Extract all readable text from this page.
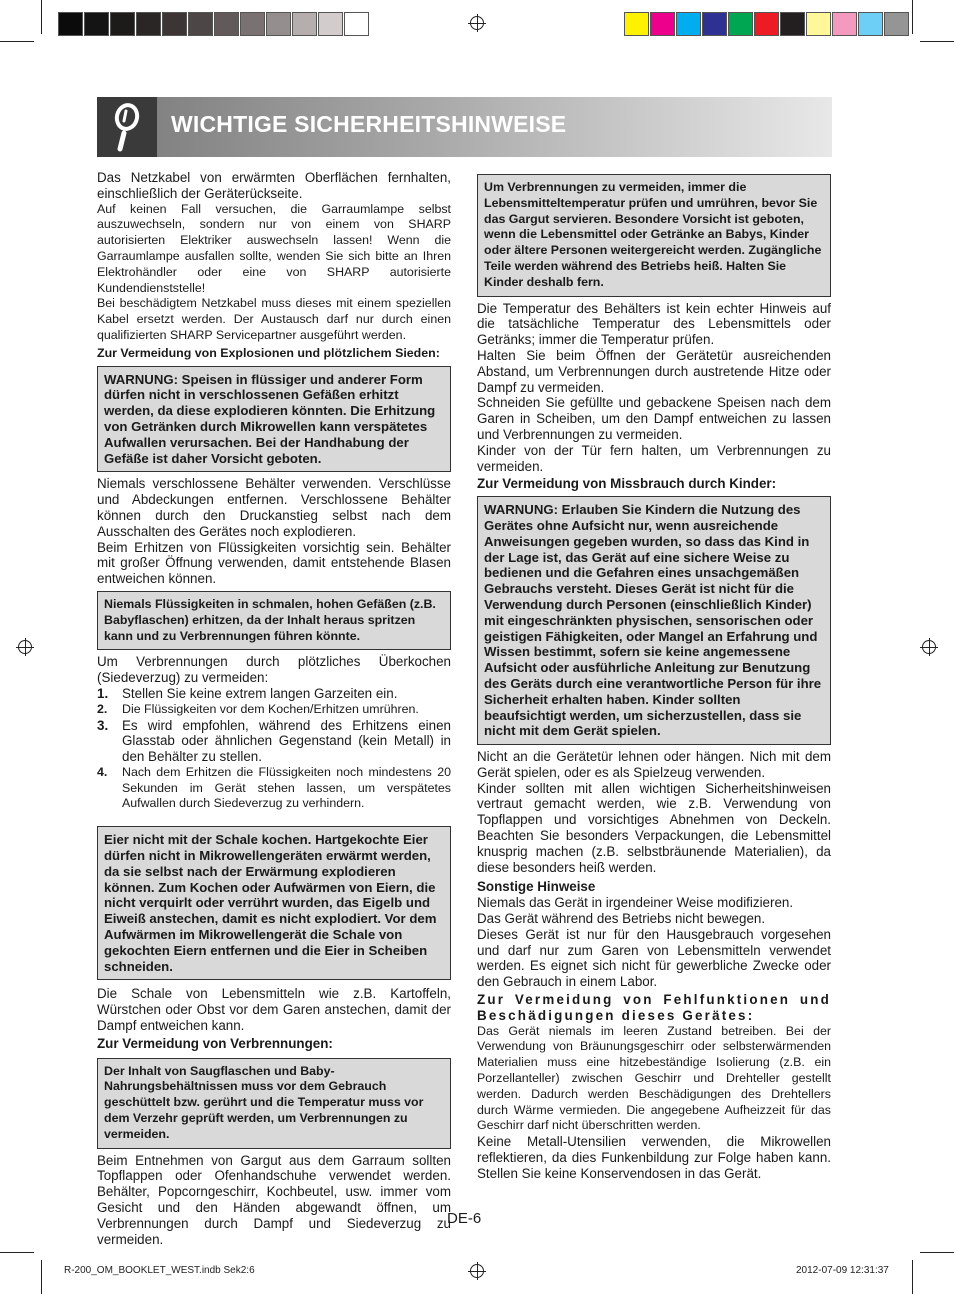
WICHTIGE SICHERHEITSHINWEISE

Das Netzkabel von erwärmten Oberflächen fernhalten, einschließlich der Geräterückseite.

Auf keinen Fall versuchen, die Garraumlampe selbst auszuwechseln, sondern nur von einem von SHARP autorisierten Elektriker auswechseln lassen! Wenn die Garraumlampe ausfallen sollte, wenden Sie sich bitte an Ihren Elektrohändler oder eine von SHARP autorisierte Kundendienststelle!

Bei beschädigtem Netzkabel muss dieses mit einem speziellen Kabel ersetzt werden. Der Austausch darf nur durch einen qualifizierten SHARP Servicepartner ausgeführt werden.

Zur Vermeidung von Explosionen und plötzlichem Sieden:

WARNUNG: Speisen in flüssiger und anderer Form dürfen nicht in verschlossenen Gefäßen erhitzt werden, da diese explodieren könnten. Die Erhitzung von Getränken durch Mikrowellen kann verspätetes Aufwallen verursachen. Bei der Handhabung der Gefäße ist daher Vorsicht geboten.

Niemals verschlossene Behälter verwenden. Verschlüsse und Abdeckungen entfernen. Verschlossene Behälter können durch den Druckanstieg selbst nach dem Ausschalten des Gerätes noch explodieren.

Beim Erhitzen von Flüssigkeiten vorsichtig sein. Behälter mit großer Öffnung verwenden, damit entstehende Blasen entweichen können.

Niemals Flüssigkeiten in schmalen, hohen Gefäßen (z.B. Babyflaschen) erhitzen, da der Inhalt heraus spritzen kann und zu Verbrennungen führen könnte.

Um Verbrennungen durch plötzliches Überkochen (Siedeverzug) zu vermeiden:

1. Stellen Sie keine extrem langen Garzeiten ein.
2. Die Flüssigkeiten vor dem Kochen/Erhitzen umrühren.
3. Es wird empfohlen, während des Erhitzens einen Glasstab oder ähnlichen Gegenstand (kein Metall) in den Behälter zu stellen.
4. Nach dem Erhitzen die Flüssigkeiten noch mindestens 20 Sekunden im Gerät stehen lassen, um verspätetes Aufwallen durch Siedeverzug zu verhindern.
Eier nicht mit der Schale kochen. Hartgekochte Eier dürfen nicht in Mikrowellengeräten erwärmt werden, da sie selbst nach der Erwärmung explodieren können. Zum Kochen oder Aufwärmen von Eiern, die nicht verquirlt oder verrührt wurden, das Eigelb und Eiweiß anstechen, damit es nicht explodiert. Vor dem Aufwärmen im Mikrowellengerät die Schale von gekochten Eiern entfernen und die Eier in Scheiben schneiden.

Die Schale von Lebensmitteln wie z.B. Kartoffeln, Würstchen oder Obst vor dem Garen anstechen, damit der Dampf entweichen kann.

Zur Vermeidung von Verbrennungen:

Der Inhalt von Saugflaschen und Baby-Nahrungsbehältnissen muss vor dem Gebrauch geschüttelt bzw. gerührt und die Temperatur muss vor dem Verzehr geprüft werden, um Verbrennungen zu vermeiden.

Beim Entnehmen von Gargut aus dem Garraum sollten Topflappen oder Ofenhandschuhe verwendet werden. Behälter, Popcorngeschirr, Kochbeutel, usw. immer vom Gesicht und den Händen abgewandt öffnen, um Verbrennungen durch Dampf und Siedeverzug zu vermeiden.

Um Verbrennungen zu vermeiden, immer die Lebensmitteltemperatur prüfen und umrühren, bevor Sie das Gargut servieren. Besondere Vorsicht ist geboten, wenn die Lebensmittel oder Getränke an Babys, Kinder oder ältere Personen weitergereicht werden. Zugängliche Teile werden während des Betriebs heiß. Halten Sie Kinder deshalb fern.

Die Temperatur des Behälters ist kein echter Hinweis auf die tatsächliche Temperatur des Lebensmittels oder Getränks; immer die Temperatur prüfen.

Halten Sie beim Öffnen der Gerätetür ausreichenden Abstand, um Verbrennungen durch austretende Hitze oder Dampf zu vermeiden.

Schneiden Sie gefüllte und gebackene Speisen nach dem Garen in Scheiben, um den Dampf entweichen zu lassen und Verbrennungen zu vermeiden.

Kinder von der Tür fern halten, um Verbrennungen zu vermeiden.

Zur Vermeidung von Missbrauch durch Kinder:

WARNUNG: Erlauben Sie Kindern die Nutzung des Gerätes ohne Aufsicht nur, wenn ausreichende Anweisungen gegeben wurden, so dass das Kind in der Lage ist, das Gerät auf eine sichere Weise zu bedienen und die Gefahren eines unsachgemäßen Gebrauchs versteht. Dieses Gerät ist nicht für die Verwendung durch Personen (einschließlich Kinder) mit eingeschränkten physischen, sensorischen oder geistigen Fähigkeiten, oder Mangel an Erfahrung und Wissen bestimmt, sofern sie keine angemessene Aufsicht oder ausführliche Anleitung zur Benutzung des Geräts durch eine verantwortliche Person für ihre Sicherheit erhalten haben. Kinder sollten beaufsichtigt werden, um sicherzustellen, dass sie nicht mit dem Gerät spielen.

Nicht an die Gerätetür lehnen oder hängen. Nich mit dem Gerät spielen, oder es als Spielzeug verwenden.

Kinder sollten mit allen wichtigen Sicherheitshinweisen vertraut gemacht werden, wie z.B. Verwendung von Topflappen und vorsichtiges Abnehmen von Deckeln. Beachten Sie besonders Verpackungen, die Lebensmittel knusprig machen (z.B. selbstbräunende Materialien), da diese besonders heiß werden.

Sonstige Hinweise

Niemals das Gerät in irgendeiner Weise modifizieren.

Das Gerät während des Betriebs nicht bewegen.

Dieses Gerät ist nur für den Hausgebrauch vorgesehen und darf nur zum Garen von Lebensmitteln verwendet werden. Es eignet sich nicht für gewerbliche Zwecke oder den Gebrauch in einem Labor.

Zur Vermeidung von Fehlfunktionen und Beschädigungen dieses Gerätes:

Das Gerät niemals im leeren Zustand betreiben. Bei der Verwendung von Bräunungsgeschirr oder selbsterwärmenden Materialien muss eine hitzebeständige Isolierung (z.B. ein Porzellanteller) zwischen Geschirr und Drehteller gestellt werden. Dadurch werden Beschädigungen des Drehtellers durch Wärme vermieden. Die angegebene Aufheizzeit für das Geschirr darf nicht überschritten werden.

Keine Metall-Utensilien verwenden, die Mikrowellen reflektieren, da dies Funkenbildung zur Folge haben kann. Stellen Sie keine Konservendosen in das Gerät.

DE-6
R-200_OM_BOOKLET_WEST.indb Sek2:6	2012-07-09 12:31:37
